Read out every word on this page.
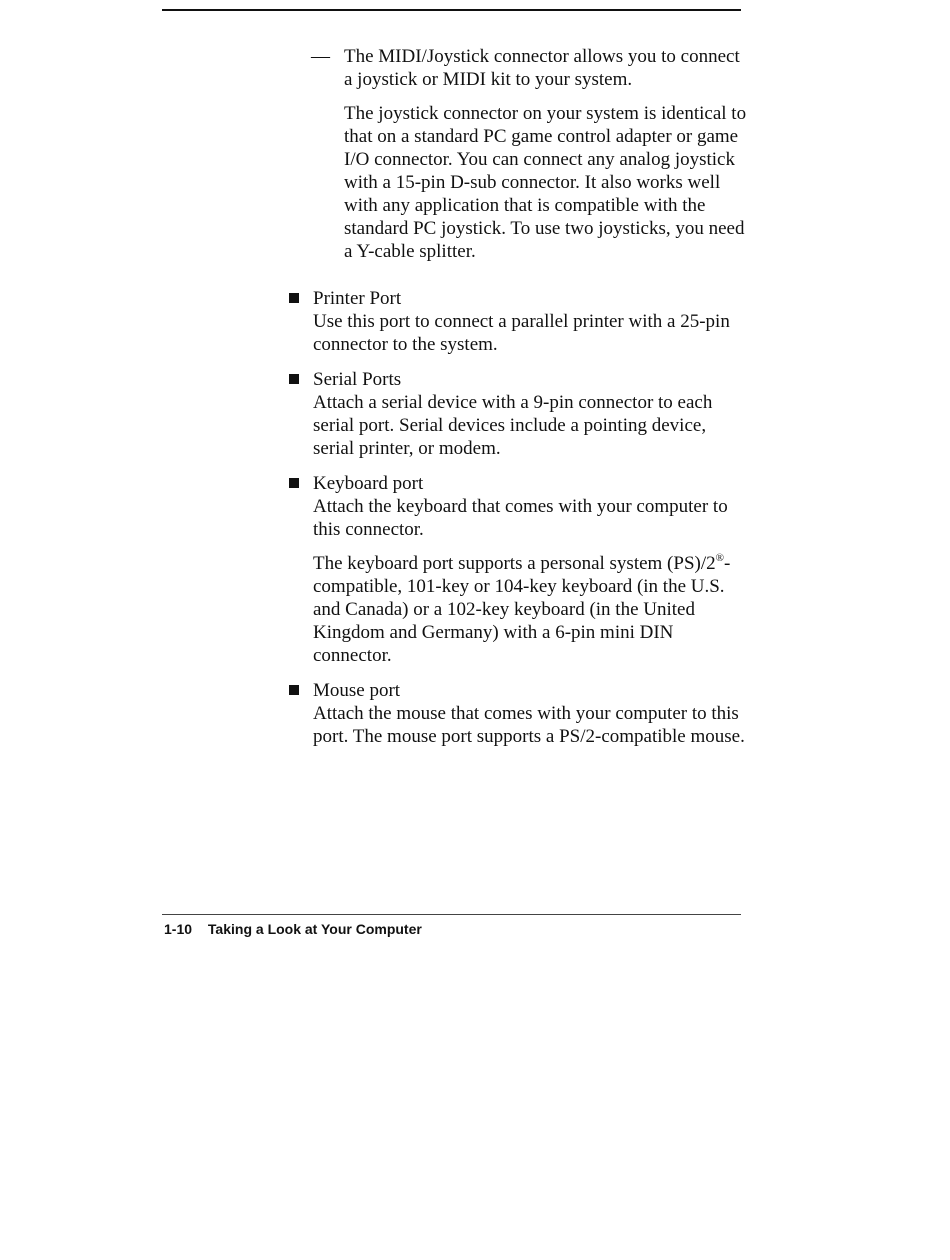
— The MIDI/Joystick connector allows you to connect a joystick or MIDI kit to your system.

The joystick connector on your system is identical to that on a standard PC game control adapter or game I/O connector. You can connect any analog joystick with a 15-pin D-sub connector. It also works well with any application that is compatible with the standard PC joystick. To use two joysticks, you need a Y-cable splitter.

Printer Port
Use this port to connect a parallel printer with a 25-pin connector to the system.

Serial Ports
Attach a serial device with a 9-pin connector to each serial port. Serial devices include a pointing device, serial printer, or modem.

Keyboard port
Attach the keyboard that comes with your computer to this connector.

The keyboard port supports a personal system (PS)/2®-compatible, 101-key or 104-key keyboard (in the U.S. and Canada) or a 102-key keyboard (in the United Kingdom and Germany) with a 6-pin mini DIN connector.

Mouse port
Attach the mouse that comes with your computer to this port. The mouse port supports a PS/2-compatible mouse.

1-10 Taking a Look at Your Computer
